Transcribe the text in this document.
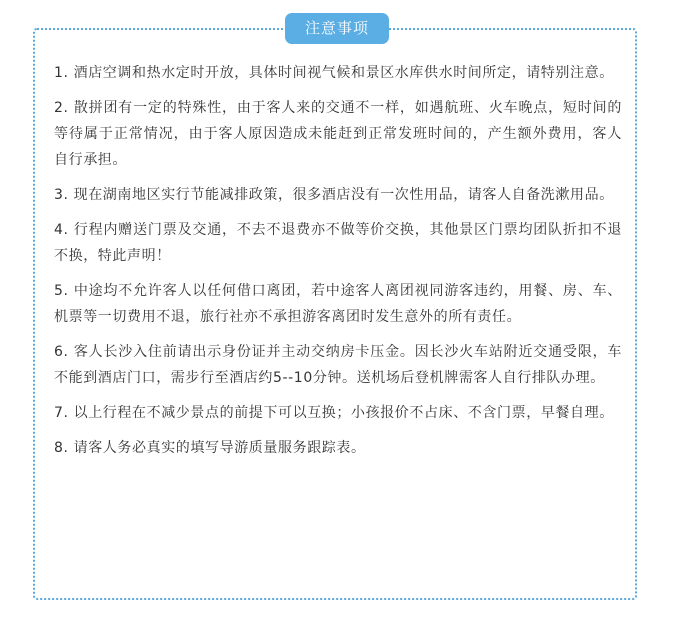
注意事项
1. 酒店空调和热水定时开放，具体时间视气候和景区水库供水时间所定，请特别注意。
2. 散拼团有一定的特殊性，由于客人来的交通不一样，如遇航班、火车晚点，短时间的等待属于正常情况，由于客人原因造成未能赶到正常发班时间的，产生额外费用，客人自行承担。
3. 现在湖南地区实行节能减排政策，很多酒店没有一次性用品，请客人自备洗漱用品。
4. 行程内赠送门票及交通，不去不退费亦不做等价交换，其他景区门票均团队折扣不退不换，特此声明！
5. 中途均不允许客人以任何借口离团，若中途客人离团视同游客违约，用餐、房、车、机票等一切费用不退，旅行社亦不承担游客离团时发生意外的所有责任。
6. 客人长沙入住前请出示身份证并主动交纳房卡压金。因长沙火车站附近交通受限，车不能到酒店门口，需步行至酒店约5--10分钟。送机场后登机牌需客人自行排队办理。
7. 以上行程在不减少景点的前提下可以互换；小孩报价不占床、不含门票，早餐自理。
8. 请客人务必真实的填写导游质量服务跟踪表。
